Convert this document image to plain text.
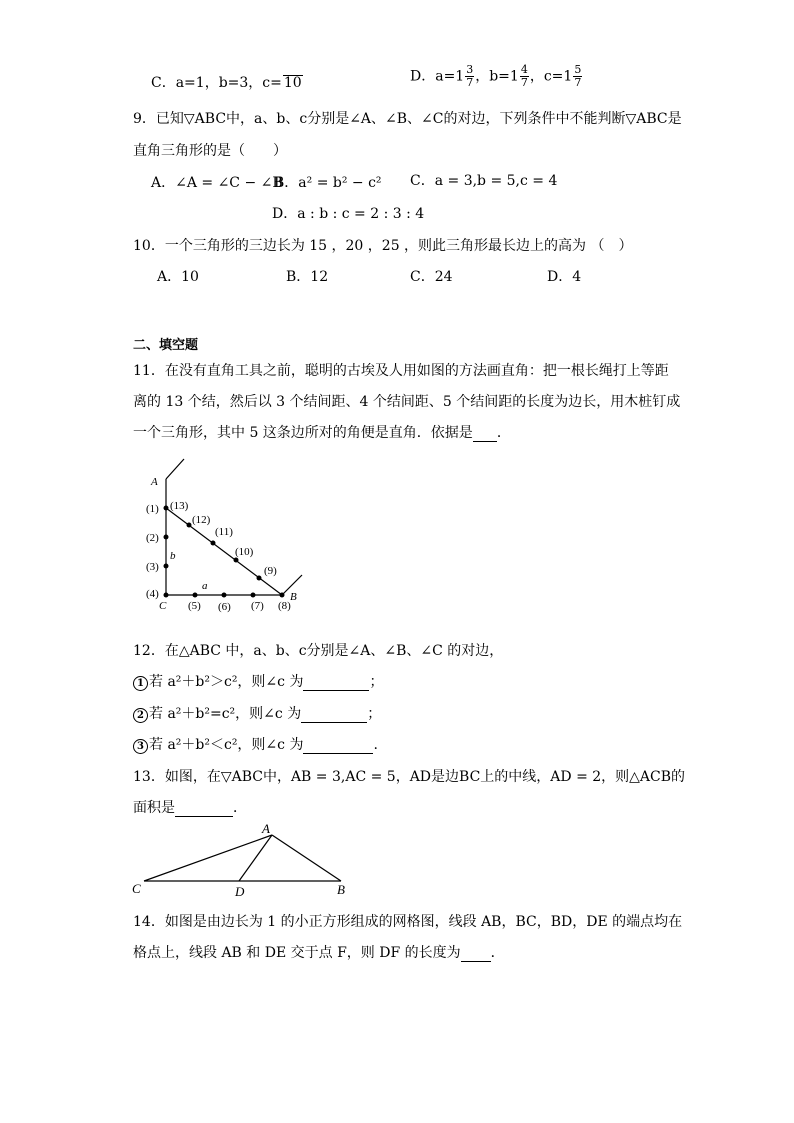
C．a=1，b=3，c= 10	D．$a=1 \frac{3}{7}$ ，$b=1 \frac{4}{7}$ ，$c=1 \frac{5}{7}$
9．已知▽ABC中，a、b、c分别是∠A、∠B、∠C的对边，下列条件中不能判断▽ABC是
直角三角形的是（　　）
A．∠A = ∠C − ∠B
B．a² = b² − c² C．a = 3,b = 5,c = 4
D．a : b : c = 2 : 3 : 4
10．一个三角形的三边长为 15 ，20 ，25 ，则此三角形最长边上的高为 （　）
A．10	B．12	C．24	D．4
二、填空题
11．在没有直角工具之前，聪明的古埃及人用如图的方法画直角：把一根长绳打上等距
离的 13 个结，然后以 3 个结间距、4 个结间距、5 个结间距的长度为边长，用木桩钉成
一个三角形，其中 5 这条边所对的角便是直角．依据是 ．
A
(1)
(2)
(3)
(4)
(13)
(12)
(11)
(10)
(9)
b
a
C (5) (6) (7) (8)
B
12．在△ABC 中，a、b、c分别是∠A、∠B、∠C 的对边，
1 若 a²＋b²＞c²，则∠c 为	；
2 若 a²＋b²=c²，则∠c 为	；
3 若 a²＋b²＜c²，则∠c 为	.
13．如图，在▽ABC中，AB = 3,AC = 5，AD是边BC上的中线，AD = 2，则△ACB的
面积是	．
A
C	D	B
14．如图是由边长为 1 的小正方形组成的网格图，线段 AB，BC，BD，DE 的端点均在
格点上，线段 AB 和 DE 交于点 F，则 DF 的长度为 ．
